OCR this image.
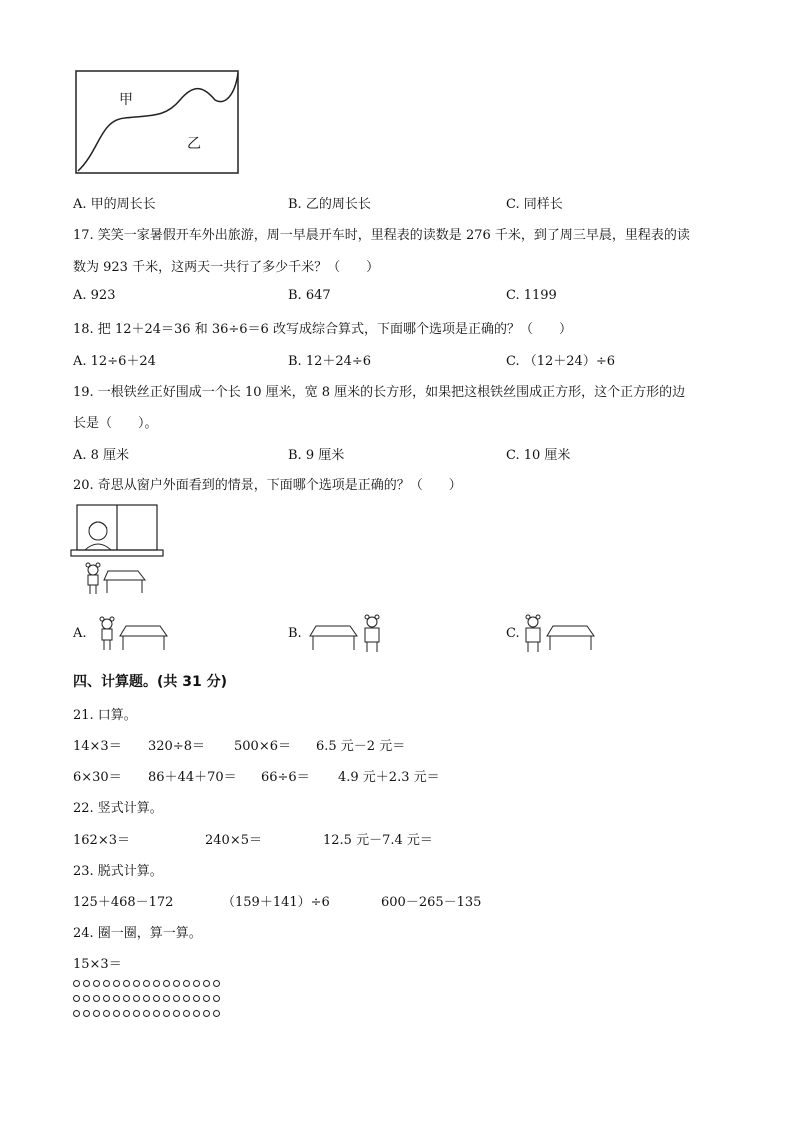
甲
乙
A. 甲的周长长	B. 乙的周长长	C. 同样长
17. 笑笑一家暑假开车外出旅游，周一早晨开车时，里程表的读数是 276 千米，到了周三早晨，里程表的读
数为 923 千米，这两天一共行了多少千米？（　　）
A. 923	B. 647	C. 1199
18. 把 12＋24＝36 和 36÷6＝6 改写成综合算式，下面哪个选项是正确的？（　　）
A. 12÷6＋24	B. 12＋24÷6	C. （12＋24）÷6
19. 一根铁丝正好围成一个长 10 厘米，宽 8 厘米的长方形，如果把这根铁丝围成正方形，这个正方形的边
长是（　　）。
A. 8 厘米	B. 9 厘米	C. 10 厘米
20. 奇思从窗户外面看到的情景，下面哪个选项是正确的？（　　）
A.	B.	C.
四、计算题。(共 31 分)
21. 口算。
14×3＝ 320÷8＝ 500×6＝ 6.5 元－2 元＝
6×30＝ 86＋44＋70＝ 66÷6＝ 4.9 元＋2.3 元＝
22. 竖式计算。
162×3＝	240×5＝	12.5 元－7.4 元＝
23. 脱式计算。
125＋468－172	（159＋141）÷6	600－265－135
24. 圈一圈，算一算。
15×3＝
